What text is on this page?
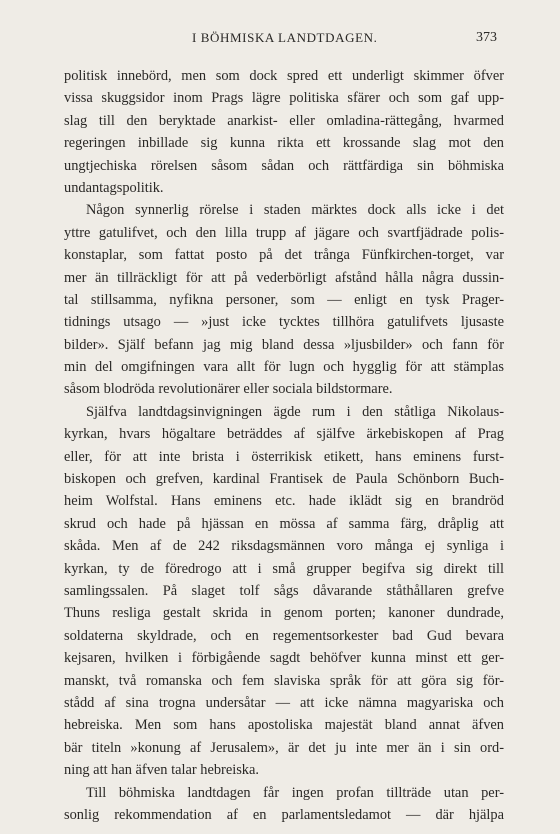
I BÖHMISKA LANDTDAGEN.	373
politisk innebörd, men som dock spred ett underligt skimmer öfver
vissa skuggsidor inom Prags lägre politiska sfärer och som gaf upp-
slag till den beryktade anarkist- eller omladina-rättegång, hvarmed
regeringen inbillade sig kunna rikta ett krossande slag mot den
ungtjechiska rörelsen såsom sådan och rättfärdiga sin böhmiska
undantagspolitik.
Någon synnerlig rörelse i staden märktes dock alls icke i det
yttre gatulifvet, och den lilla trupp af jägare och svartfjädrade polis-
konstaplar, som fattat posto på det trånga Fünfkirchen-torget, var
mer än tillräckligt för att på vederbörligt afstånd hålla några dussin-
tal stillsamma, nyfikna personer, som — enligt en tysk Prager-
tidnings utsago — »just icke tycktes tillhöra gatulifvets ljusaste
bilder». Själf befann jag mig bland dessa »ljusbilder» och fann för
min del omgifningen vara allt för lugn och hygglig för att stämplas
såsom blodröda revolutionärer eller sociala bildstormare.
Själfva landtdagsinvigningen ägde rum i den ståtliga Nikolaus-
kyrkan, hvars högaltare beträddes af själfve ärkebiskopen af Prag
eller, för att inte brista i österrikisk etikett, hans eminens furst-
biskopen och grefven, kardinal Frantisek de Paula Schönborn Buch-
heim Wolfstal. Hans eminens etc. hade iklädt sig en brandröd
skrud och hade på hjässan en mössa af samma färg, dråplig att
skåda. Men af de 242 riksdagsmännen voro många ej synliga i
kyrkan, ty de föredrogo att i små grupper begifva sig direkt till
samlingssalen. På slaget tolf sågs dåvarande ståthållaren grefve
Thuns resliga gestalt skrida in genom porten; kanoner dundrade,
soldaterna skyldrade, och en regementsorkester bad Gud bevara
kejsaren, hvilken i förbigående sagdt behöfver kunna minst ett ger-
manskt, två romanska och fem slaviska språk för att göra sig för-
stådd af sina trogna undersåtar — att icke nämna magyariska och
hebreiska. Men som hans apostoliska majestät bland annat äfven
bär titeln »konung af Jerusalem», är det ju inte mer än i sin ord-
ning att han äfven talar hebreiska.
Till böhmiska landtdagen får ingen profan tillträde utan per-
sonlig rekommendation af en parlamentsledamot — där hjälpa
